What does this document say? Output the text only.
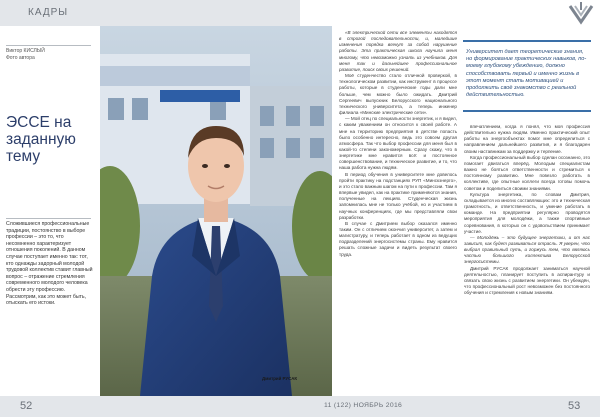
КАДРЫ
Виктор КИСЛЫЙ
Фото автора
ЭССЕ на заданную тему

Сложившиеся профессиональные традиции, постоянство в выборе профессии – это то, что несомненно характеризует отношения поколений. В данном случае поступает именно так: тот, кто однажды задорный молодой трудовой коллектив ставит главный вопрос – отражение стремления современного молодого человека обрести эту профессию. Рассмотрим, как это может быть, отыскать его истоки.

Дмитрий РУСАК

«В электрической сети все элементы находятся в строгой последовательности, и, малейшие изменения порядка влекут за собой нарушение работы. Эта практическая школа научила меня многому, что невозможно узнать из учебников. Для меня так и дальнейшее профессиональное развитие, поиск своих решений.

Моё студенчество стало отличной проверкой, в технологическом развитии, как инструмент в процессе работы, которые в студенческие годы дали мне больше, чем можно было ожидать. Дмитрий Сергеевич выпускник Белорусского национального технического университета, а теперь инженер филиала «Минские электрические сети».

— Мой отец по специальности энергетик, и я видел, с каким уважением он относится к своей работе. А мне на территорию предприятия в детстве попасть было особенно интересно, ведь это совсем другая атмосфера. Так что выбор профессии для меня был в какой-то степени закономерным. Сразу скажу, что в энергетике мне нравится всё: и постоянное совершенствование, и техническое развитие, и то, что наша работа нужна людям.

В период обучения в университете мне довелось пройти практику на подстанциях РУП «Минскэнерго», и это стало важным шагом на пути к профессии. Там я впервые увидел, как на практике применяются знания, полученные на лекциях. Студенческая жизнь запомнилась мне не только учёбой, но и участием в научных конференциях, где мы представляли свои разработки.

В случае с Дмитрием выбор оказался именно таким. Он с отличием окончил университет, а затем и магистратуру, и теперь работает в одном из ведущих подразделений энергосистемы страны. Ему нравится решать сложные задачи и видеть результат своего труда.

Университет дает теоретические знания, но формирование практических навыков, по-моему глубокому убеждению, должно способствовать первый и именно жизнь в этот момент стать мотивацией и продолжить своё знакомство с реальной действительностью.

впечатлением, когда я понял, что моя профессия действительно нужна людям. Именно практический опыт работы на энергообъектах помог мне определиться с направлением дальнейшего развития, и я благодарен своим наставникам за поддержку и терпение.

Когда профессиональный выбор сделан осознанно, это помогает двигаться вперёд. Молодым специалистам важно не бояться ответственности и стремиться к постоянному развитию. Мне повезло работать в коллективе, где опытные коллеги всегда готовы помочь советом и поделиться своими знаниями.

Культура энергетика, по словам Дмитрия, складывается из многих составляющих: это и техническая грамотность, и ответственность, и умение работать в команде. На предприятии регулярно проводятся мероприятия для молодёжи, а также спортивные соревнования, в которых он с удовольствием принимает участие.

— Молодёжь – это будущее энергетики, и от нас зависит, как будет развиваться отрасль. Я уверен, что выбрал правильный путь, и горжусь тем, что являюсь частью большого коллектива Белорусской энергосистемы.

Дмитрий РУСАК продолжает заниматься научной деятельностью, планирует поступить в аспирантуру и связать свою жизнь с развитием энергетики. Он убеждён, что профессиональный рост невозможен без постоянного обучения и стремления к новым знаниям.

52	11 (122) НОЯБРЬ 2016	53
